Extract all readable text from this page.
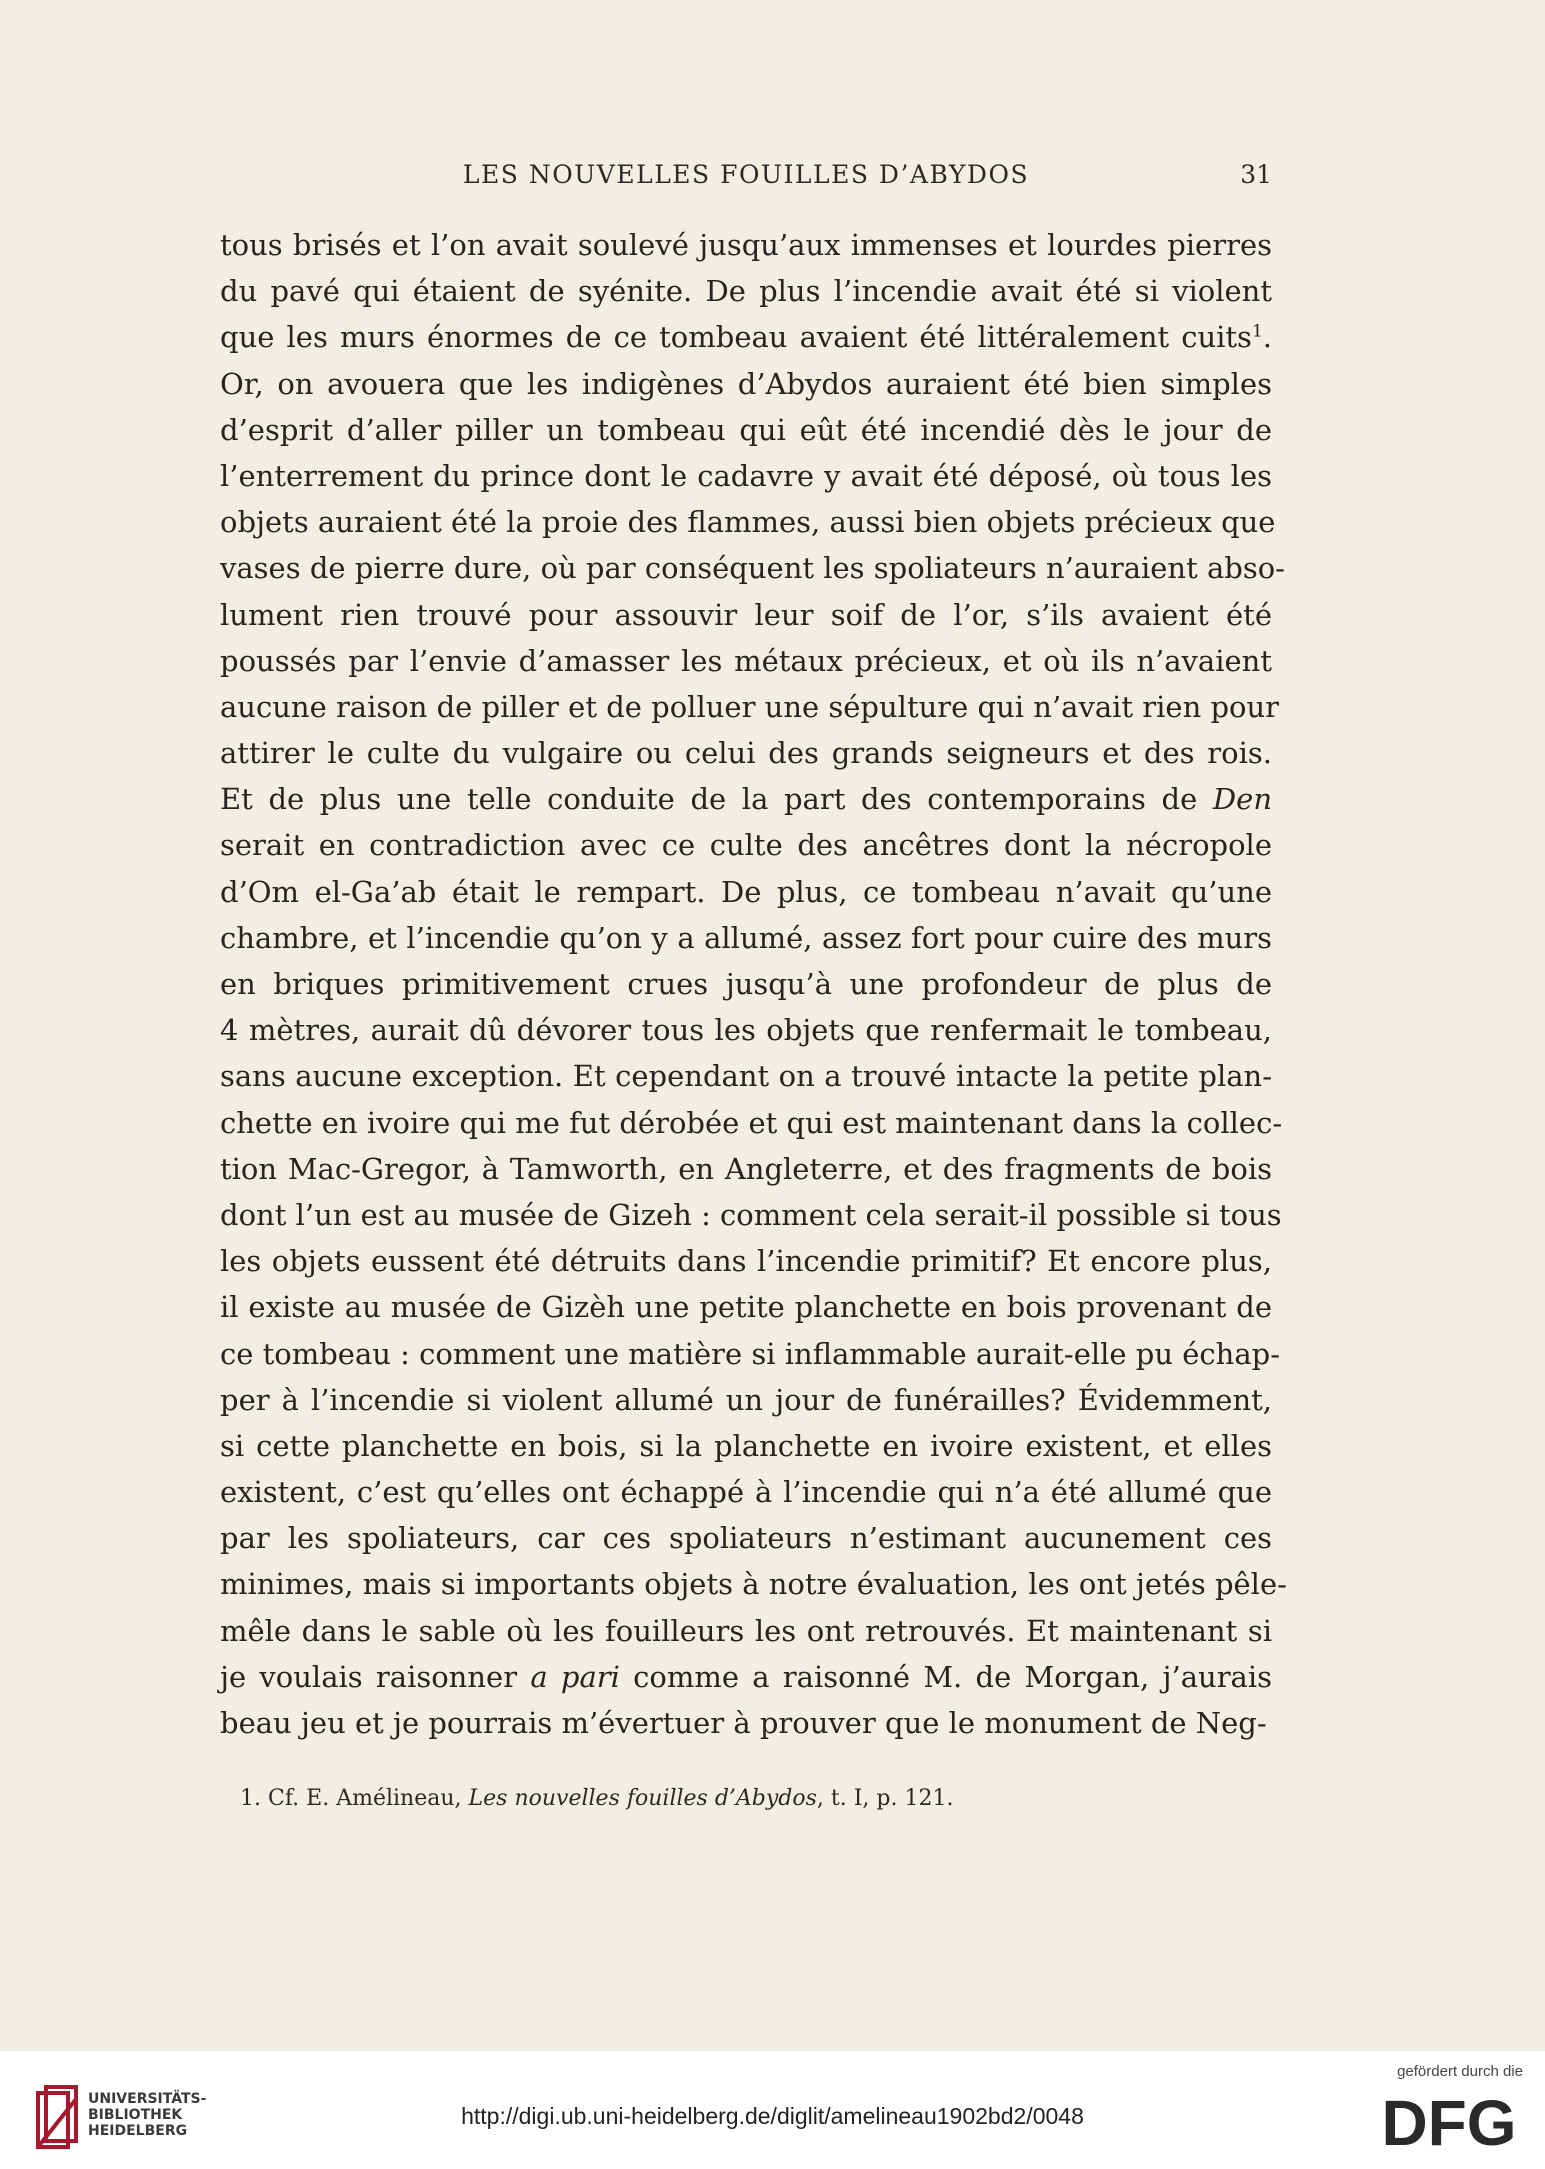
LES NOUVELLES FOUILLES D’ABYDOS	31
tous brisés et l’on avait soulevé jusqu’aux immenses et lourdes pierres
du pavé qui étaient de syénite. De plus l’incendie avait été si violent
que les murs énormes de ce tombeau avaient été littéralement cuits$^1$.
Or, on avouera que les indigènes d’Abydos auraient été bien simples
d’esprit d’aller piller un tombeau qui eût été incendié dès le jour de
l’enterrement du prince dont le cadavre y avait été déposé, où tous les
objets auraient été la proie des flammes, aussi bien objets précieux que
vases de pierre dure, où par conséquent les spoliateurs n’auraient abso-
lument rien trouvé pour assouvir leur soif de l’or, s’ils avaient été
poussés par l’envie d’amasser les métaux précieux, et où ils n’avaient
aucune raison de piller et de polluer une sépulture qui n’avait rien pour
attirer le culte du vulgaire ou celui des grands seigneurs et des rois.
Et de plus une telle conduite de la part des contemporains de Den
serait en contradiction avec ce culte des ancêtres dont la nécropole
d’Om el-Ga’ab était le rempart. De plus, ce tombeau n’avait qu’une
chambre, et l’incendie qu’on y a allumé, assez fort pour cuire des murs
en briques primitivement crues jusqu’à une profondeur de plus de
4 mètres, aurait dû dévorer tous les objets que renfermait le tombeau,
sans aucune exception. Et cependant on a trouvé intacte la petite plan-
chette en ivoire qui me fut dérobée et qui est maintenant dans la collec-
tion Mac-Gregor, à Tamworth, en Angleterre, et des fragments de bois
dont l’un est au musée de Gizeh : comment cela serait-il possible si tous
les objets eussent été détruits dans l’incendie primitif? Et encore plus,
il existe au musée de Gizèh une petite planchette en bois provenant de
ce tombeau : comment une matière si inflammable aurait-elle pu échap-
per à l’incendie si violent allumé un jour de funérailles? Évidemment,
si cette planchette en bois, si la planchette en ivoire existent, et elles
existent, c’est qu’elles ont échappé à l’incendie qui n’a été allumé que
par les spoliateurs, car ces spoliateurs n’estimant aucunement ces
minimes, mais si importants objets à notre évaluation, les ont jetés pêle-
mêle dans le sable où les fouilleurs les ont retrouvés. Et maintenant si
je voulais raisonner a pari comme a raisonné M. de Morgan, j’aurais
beau jeu et je pourrais m’évertuer à prouver que le monument de Neg-
1. Cf. E. Amélineau, Les nouvelles fouilles d’Abydos, t. I, p. 121.
UNIVERSITÄTS-
BIBLIOTHEK
HEIDELBERG
http://digi.ub.uni-heidelberg.de/diglit/amelineau1902bd2/0048
gefördert durch die
DFG
